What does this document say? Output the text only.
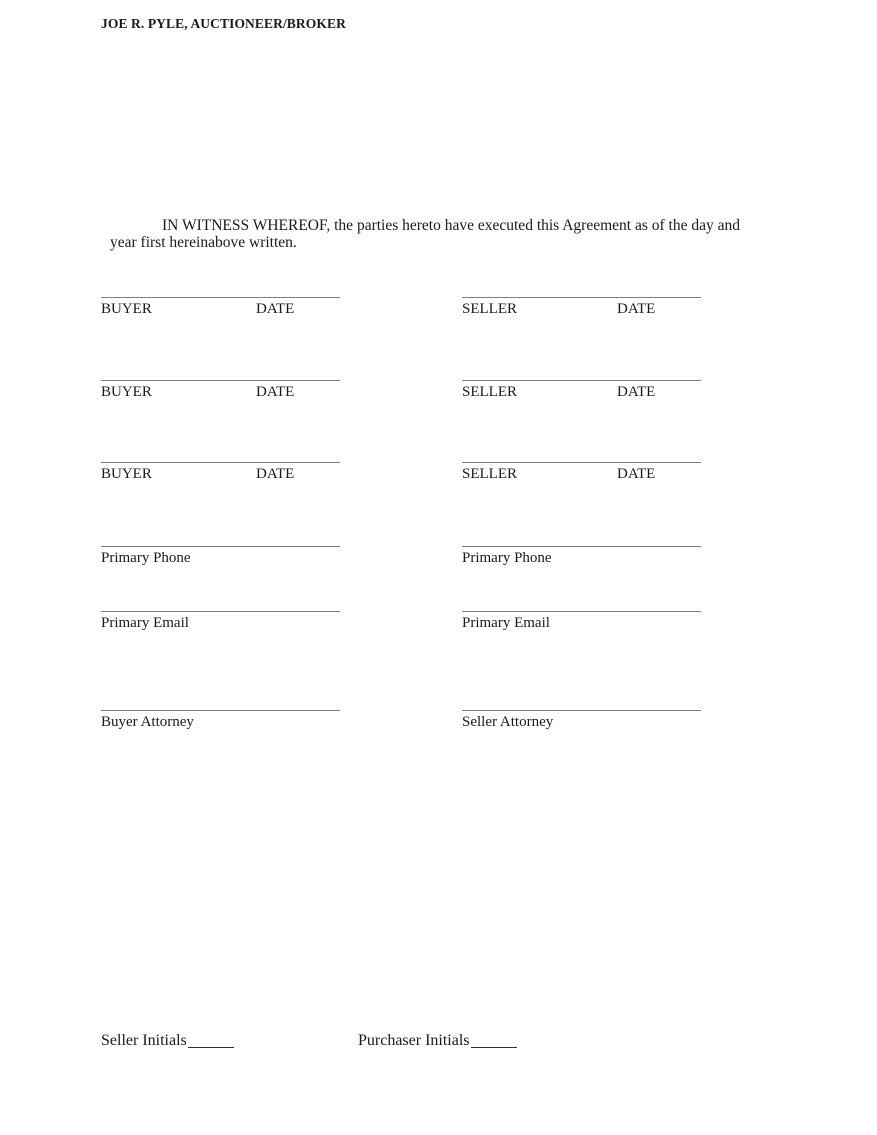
JOE R. PYLE, AUCTIONEER/BROKER

IN WITNESS WHEREOF, the parties hereto have executed this Agreement as of the day and year first hereinabove written.

BUYER	DATE	SELLER	DATE
BUYER	DATE	SELLER	DATE
BUYER	DATE	SELLER	DATE
Primary Phone	Primary Phone
Primary Email	Primary Email
Buyer Attorney	Seller Attorney
Seller Initials	Purchaser Initials
